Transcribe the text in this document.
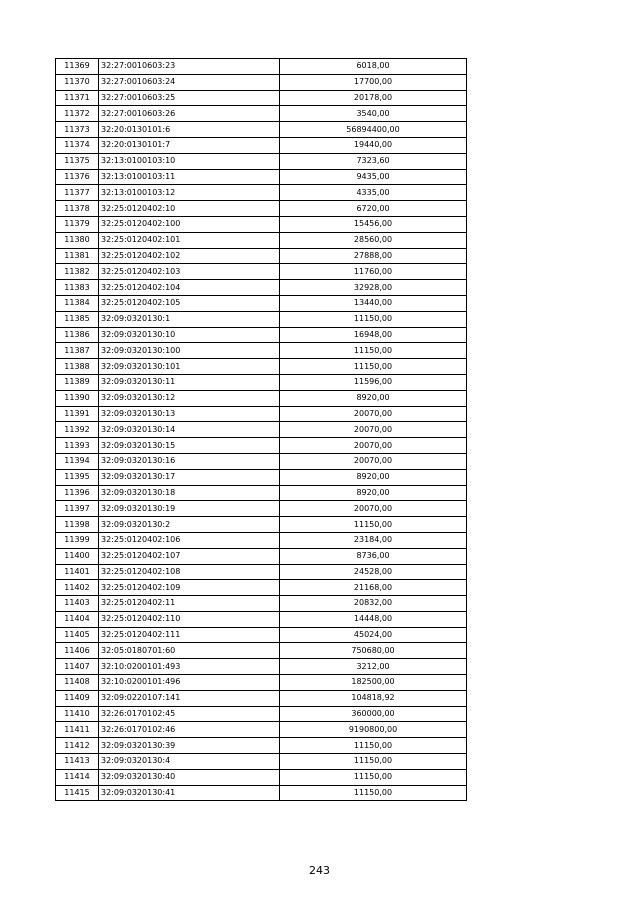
11369	32:27:0010603:23	6018,00
11370	32:27:0010603:24	17700,00
11371	32:27:0010603:25	20178,00
11372	32:27:0010603:26	3540,00
11373	32:20:0130101:6	56894400,00
11374	32:20:0130101:7	19440,00
11375	32:13:0100103:10	7323,60
11376	32:13:0100103:11	9435,00
11377	32:13:0100103:12	4335,00
11378	32:25:0120402:10	6720,00
11379	32:25:0120402:100	15456,00
11380	32:25:0120402:101	28560,00
11381	32:25:0120402:102	27888,00
11382	32:25:0120402:103	11760,00
11383	32:25:0120402:104	32928,00
11384	32:25:0120402:105	13440,00
11385	32:09:0320130:1	11150,00
11386	32:09:0320130:10	16948,00
11387	32:09:0320130:100	11150,00
11388	32:09:0320130:101	11150,00
11389	32:09:0320130:11	11596,00
11390	32:09:0320130:12	8920,00
11391	32:09:0320130:13	20070,00
11392	32:09:0320130:14	20070,00
11393	32:09:0320130:15	20070,00
11394	32:09:0320130:16	20070,00
11395	32:09:0320130:17	8920,00
11396	32:09:0320130:18	8920,00
11397	32:09:0320130:19	20070,00
11398	32:09:0320130:2	11150,00
11399	32:25:0120402:106	23184,00
11400	32:25:0120402:107	8736,00
11401	32:25:0120402:108	24528,00
11402	32:25:0120402:109	21168,00
11403	32:25:0120402:11	20832,00
11404	32:25:0120402:110	14448,00
11405	32:25:0120402:111	45024,00
11406	32:05:0180701:60	750680,00
11407	32:10:0200101:493	3212,00
11408	32:10:0200101:496	182500,00
11409	32:09:0220107:141	104818,92
11410	32:26:0170102:45	360000,00
11411	32:26:0170102:46	9190800,00
11412	32:09:0320130:39	11150,00
11413	32:09:0320130:4	11150,00
11414	32:09:0320130:40	11150,00
11415	32:09:0320130:41	11150,00
243
